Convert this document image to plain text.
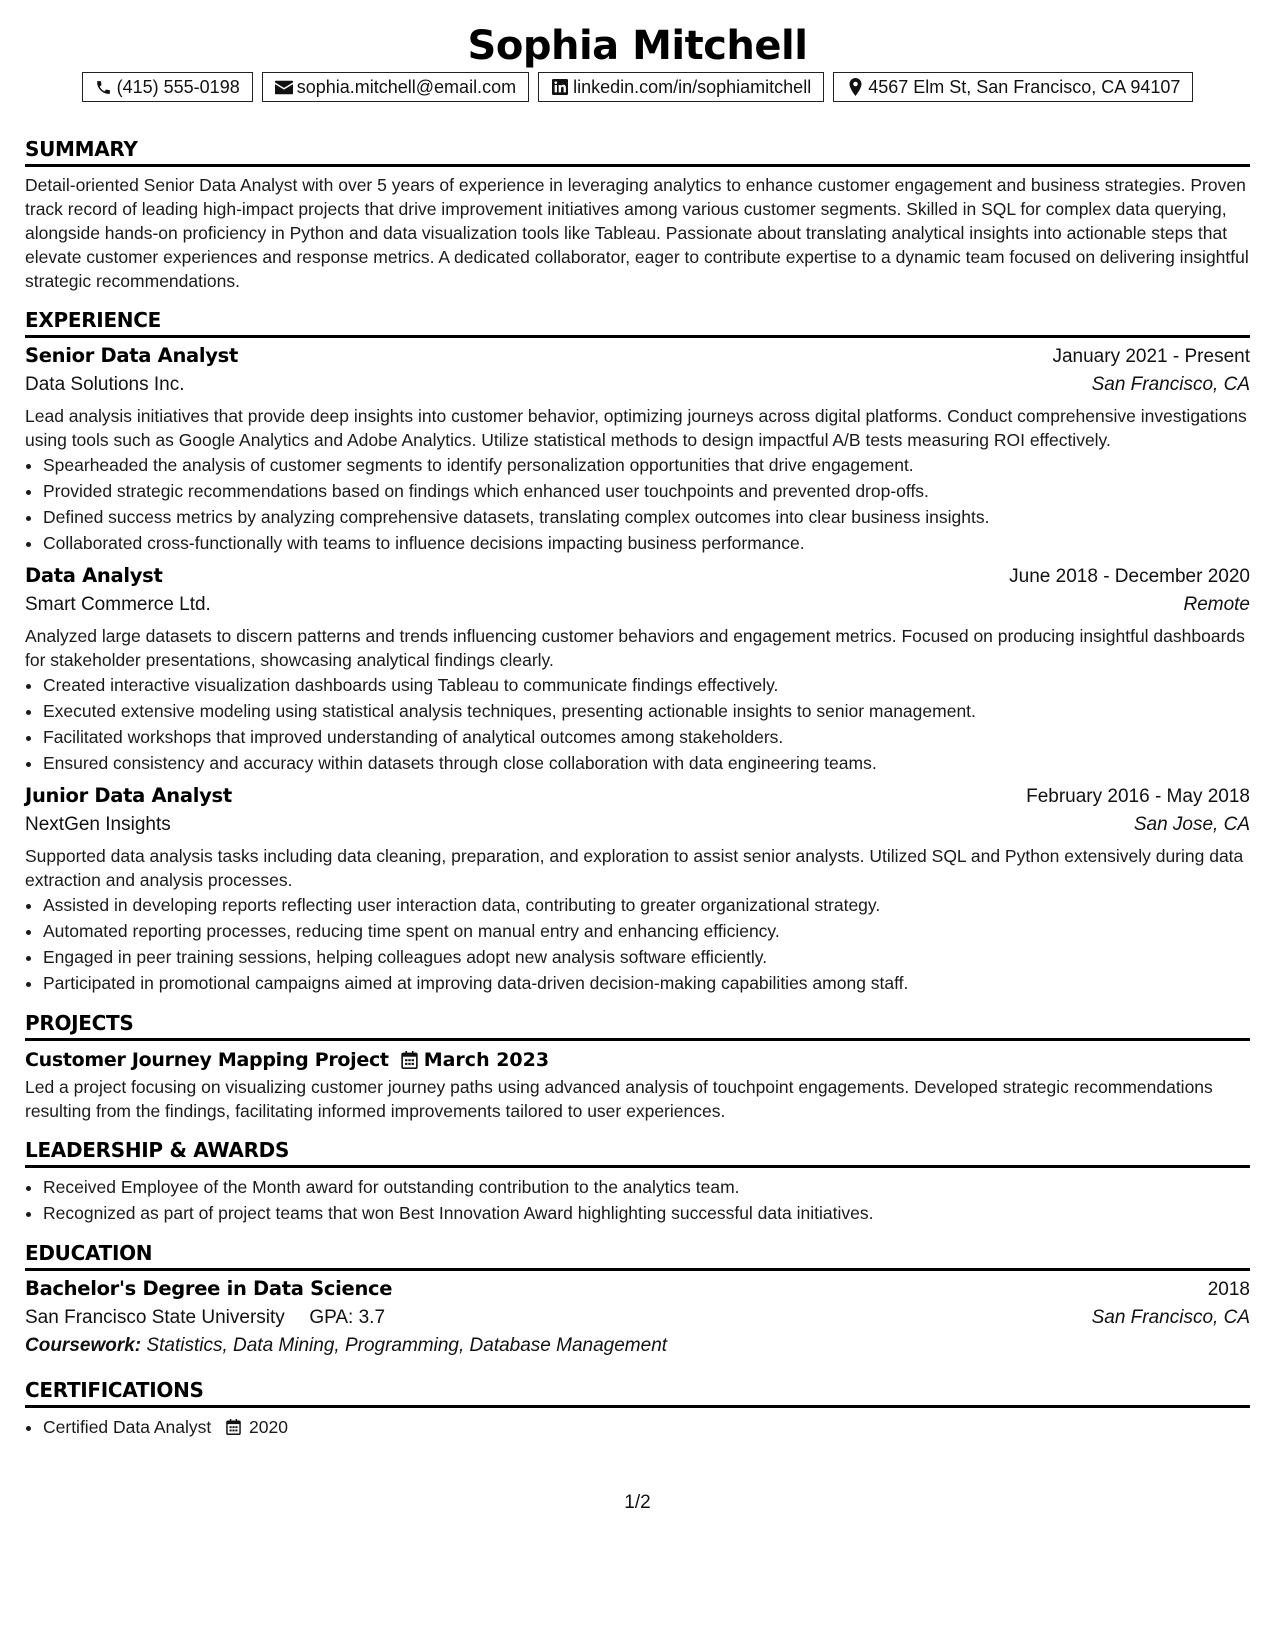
Sophia Mitchell
(415) 555-0198	sophia.mitchell@email.com	linkedin.com/in/sophiamitchell	4567 Elm St, San Francisco, CA 94107
SUMMARY

Detail-oriented Senior Data Analyst with over 5 years of experience in leveraging analytics to enhance customer engagement and business strategies. Proven track record of leading high-impact projects that drive improvement initiatives among various customer segments. Skilled in SQL for complex data querying, alongside hands-on proficiency in Python and data visualization tools like Tableau. Passionate about translating analytical insights into actionable steps that elevate customer experiences and response metrics. A dedicated collaborator, eager to contribute expertise to a dynamic team focused on delivering insightful strategic recommendations.

EXPERIENCE
Senior Data Analyst	January 2021 - Present
Data Solutions Inc.	San Francisco, CA

Lead analysis initiatives that provide deep insights into customer behavior, optimizing journeys across digital platforms. Conduct comprehensive investigations using tools such as Google Analytics and Adobe Analytics. Utilize statistical methods to design impactful A/B tests measuring ROI effectively.

• Spearheaded the analysis of customer segments to identify personalization opportunities that drive engagement.
• Provided strategic recommendations based on findings which enhanced user touchpoints and prevented drop-offs.
• Defined success metrics by analyzing comprehensive datasets, translating complex outcomes into clear business insights.
• Collaborated cross-functionally with teams to influence decisions impacting business performance.
Data Analyst	June 2018 - December 2020
Smart Commerce Ltd.	Remote

Analyzed large datasets to discern patterns and trends influencing customer behaviors and engagement metrics. Focused on producing insightful dashboards for stakeholder presentations, showcasing analytical findings clearly.

• Created interactive visualization dashboards using Tableau to communicate findings effectively.
• Executed extensive modeling using statistical analysis techniques, presenting actionable insights to senior management.
• Facilitated workshops that improved understanding of analytical outcomes among stakeholders.
• Ensured consistency and accuracy within datasets through close collaboration with data engineering teams.
Junior Data Analyst	February 2016 - May 2018
NextGen Insights	San Jose, CA

Supported data analysis tasks including data cleaning, preparation, and exploration to assist senior analysts. Utilized SQL and Python extensively during data extraction and analysis processes.

• Assisted in developing reports reflecting user interaction data, contributing to greater organizational strategy.
• Automated reporting processes, reducing time spent on manual entry and enhancing efficiency.
• Engaged in peer training sessions, helping colleagues adopt new analysis software efficiently.
• Participated in promotional campaigns aimed at improving data-driven decision-making capabilities among staff.
PROJECTS
Customer Journey Mapping Project March 2023

Led a project focusing on visualizing customer journey paths using advanced analysis of touchpoint engagements. Developed strategic recommendations resulting from the findings, facilitating informed improvements tailored to user experiences.

LEADERSHIP & AWARDS
• Received Employee of the Month award for outstanding contribution to the analytics team.
• Recognized as part of project teams that won Best Innovation Award highlighting successful data initiatives.
EDUCATION
Bachelor's Degree in Data Science	2018
San Francisco State University GPA: 3.7	San Francisco, CA
Coursework: Statistics, Data Mining, Programming, Database Management
CERTIFICATIONS
• Certified Data Analyst 2020
1/2
